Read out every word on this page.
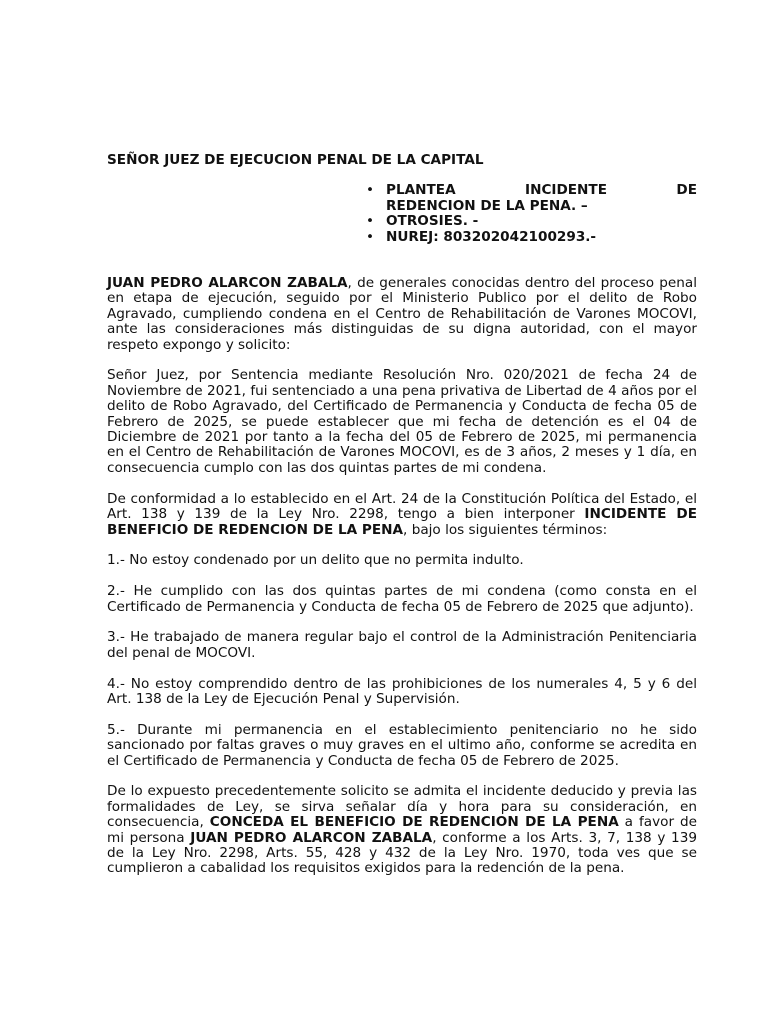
SEÑOR JUEZ DE EJECUCION PENAL DE LA CAPITAL

• PLANTEA INCIDENTE DE
REDENCION DE LA PENA. –
• OTROSIES. -
• NUREJ: 803202042100293.-

JUAN PEDRO ALARCON ZABALA, de generales conocidas dentro del proceso penal en etapa de ejecución, seguido por el Ministerio Publico por el delito de Robo Agravado, cumpliendo condena en el Centro de Rehabilitación de Varones MOCOVI, ante las consideraciones más distinguidas de su digna autoridad, con el mayor respeto expongo y solicito:

Señor Juez, por Sentencia mediante Resolución Nro. 020/2021 de fecha 24 de Noviembre de 2021, fui sentenciado a una pena privativa de Libertad de 4 años por el delito de Robo Agravado, del Certificado de Permanencia y Conducta de fecha 05 de Febrero de 2025, se puede establecer que mi fecha de detención es el 04 de Diciembre de 2021 por tanto a la fecha del 05 de Febrero de 2025, mi permanencia en el Centro de Rehabilitación de Varones MOCOVI, es de 3 años, 2 meses y 1 día, en consecuencia cumplo con las dos quintas partes de mi condena.

De conformidad a lo establecido en el Art. 24 de la Constitución Política del Estado, el Art. 138 y 139 de la Ley Nro. 2298, tengo a bien interponer INCIDENTE DE BENEFICIO DE REDENCION DE LA PENA, bajo los siguientes términos:

1.- No estoy condenado por un delito que no permita indulto.

2.- He cumplido con las dos quintas partes de mi condena (como consta en el Certificado de Permanencia y Conducta de fecha 05 de Febrero de 2025 que adjunto).

3.- He trabajado de manera regular bajo el control de la Administración Penitenciaria del penal de MOCOVI.

4.- No estoy comprendido dentro de las prohibiciones de los numerales 4, 5 y 6 del Art. 138 de la Ley de Ejecución Penal y Supervisión.

5.- Durante mi permanencia en el establecimiento penitenciario no he sido sancionado por faltas graves o muy graves en el ultimo año, conforme se acredita en el Certificado de Permanencia y Conducta de fecha 05 de Febrero de 2025.

De lo expuesto precedentemente solicito se admita el incidente deducido y previa las formalidades de Ley, se sirva señalar día y hora para su consideración, en consecuencia, CONCEDA EL BENEFICIO DE REDENCION DE LA PENA a favor de mi persona JUAN PEDRO ALARCON ZABALA, conforme a los Arts. 3, 7, 138 y 139 de la Ley Nro. 2298, Arts. 55, 428 y 432 de la Ley Nro. 1970, toda ves que se cumplieron a cabalidad los requisitos exigidos para la redención de la pena.
